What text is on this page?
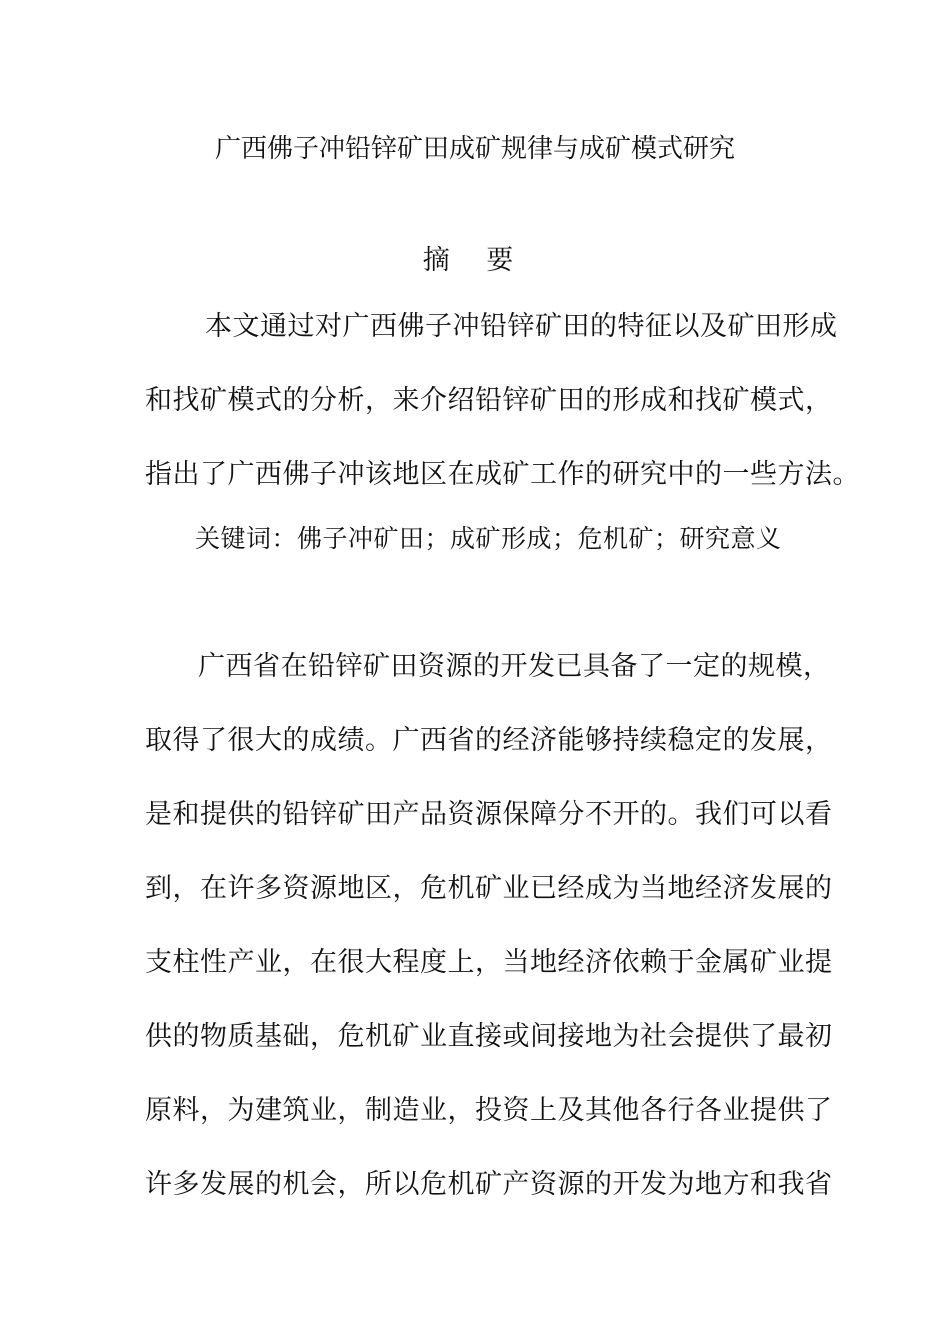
广西佛子冲铅锌矿田成矿规律与成矿模式研究

摘 要

本文通过对广西佛子冲铅锌矿田的特征以及矿田形成

和找矿模式的分析，来介绍铅锌矿田的形成和找矿模式，

指出了广西佛子冲该地区在成矿工作的研究中的一些方法。

关键词：佛子冲矿田；成矿形成；危机矿；研究意义

广西省在铅锌矿田资源的开发已具备了一定的规模，

取得了很大的成绩。广西省的经济能够持续稳定的发展，

是和提供的铅锌矿田产品资源保障分不开的。我们可以看

到，在许多资源地区，危机矿业已经成为当地经济发展的

支柱性产业，在很大程度上，当地经济依赖于金属矿业提

供的物质基础，危机矿业直接或间接地为社会提供了最初

原料，为建筑业，制造业，投资上及其他各行各业提供了

许多发展的机会，所以危机矿产资源的开发为地方和我省
